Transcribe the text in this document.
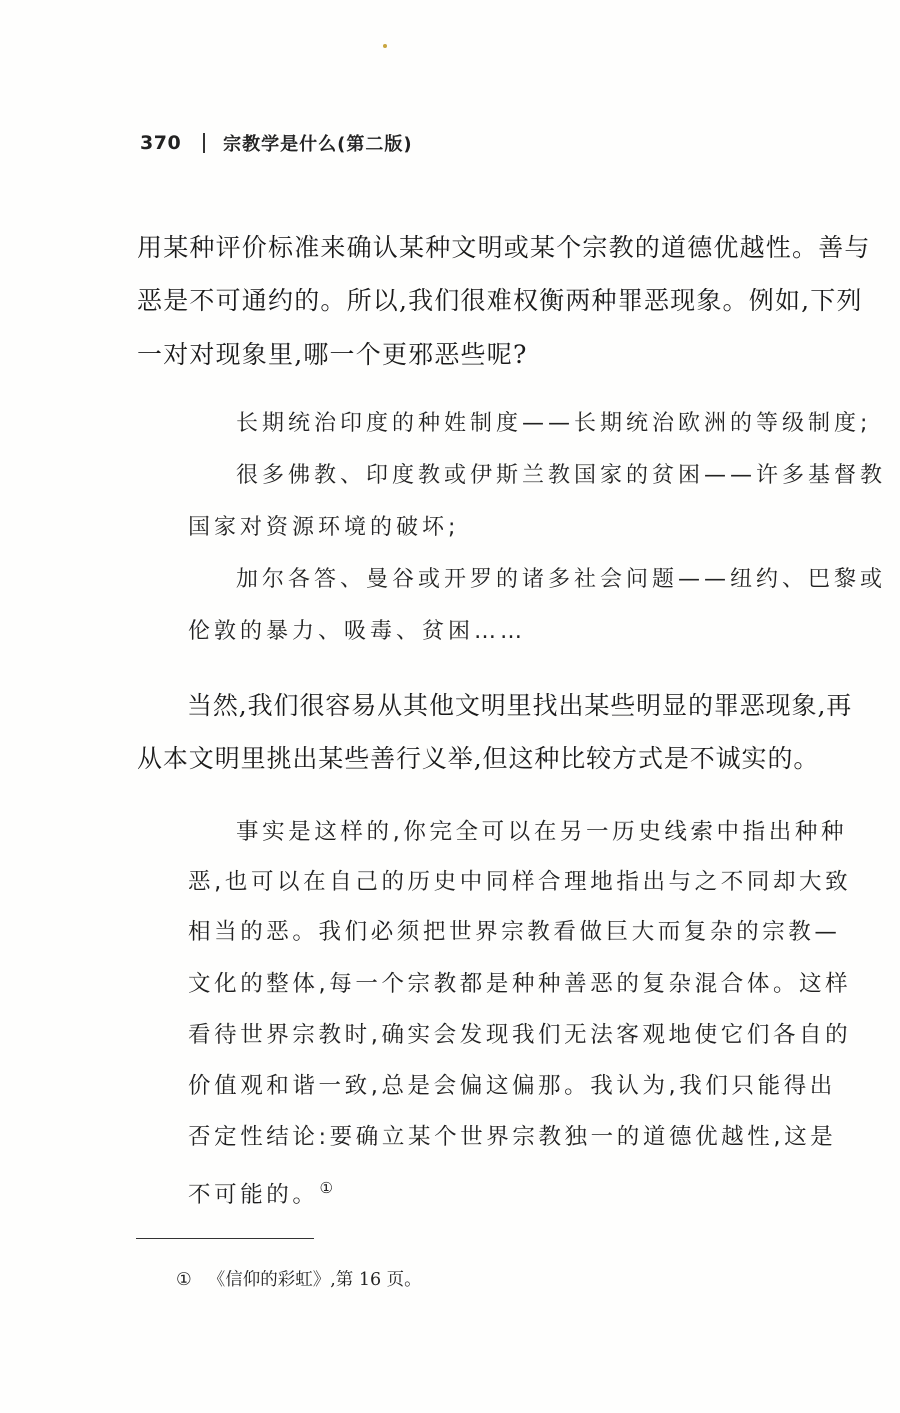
370 宗教学是什么(第二版)
用某种评价标准来确认某种文明或某个宗教的道德优越性。善与
恶是不可通约的。所以,我们很难权衡两种罪恶现象。例如,下列
一对对现象里,哪一个更邪恶些呢?
长期统治印度的种姓制度——长期统治欧洲的等级制度;
很多佛教、印度教或伊斯兰教国家的贫困——许多基督教
国家对资源环境的破坏;
加尔各答、曼谷或开罗的诸多社会问题——纽约、巴黎或
伦敦的暴力、吸毒、贫困……
当然,我们很容易从其他文明里找出某些明显的罪恶现象,再
从本文明里挑出某些善行义举,但这种比较方式是不诚实的。
事实是这样的,你完全可以在另一历史线索中指出种种
恶,也可以在自己的历史中同样合理地指出与之不同却大致
相当的恶。我们必须把世界宗教看做巨大而复杂的宗教—
文化的整体,每一个宗教都是种种善恶的复杂混合体。这样
看待世界宗教时,确实会发现我们无法客观地使它们各自的
价值观和谐一致,总是会偏这偏那。我认为,我们只能得出
否定性结论:要确立某个世界宗教独一的道德优越性,这是
不可能的。①
① 《信仰的彩虹》,第 16 页。
